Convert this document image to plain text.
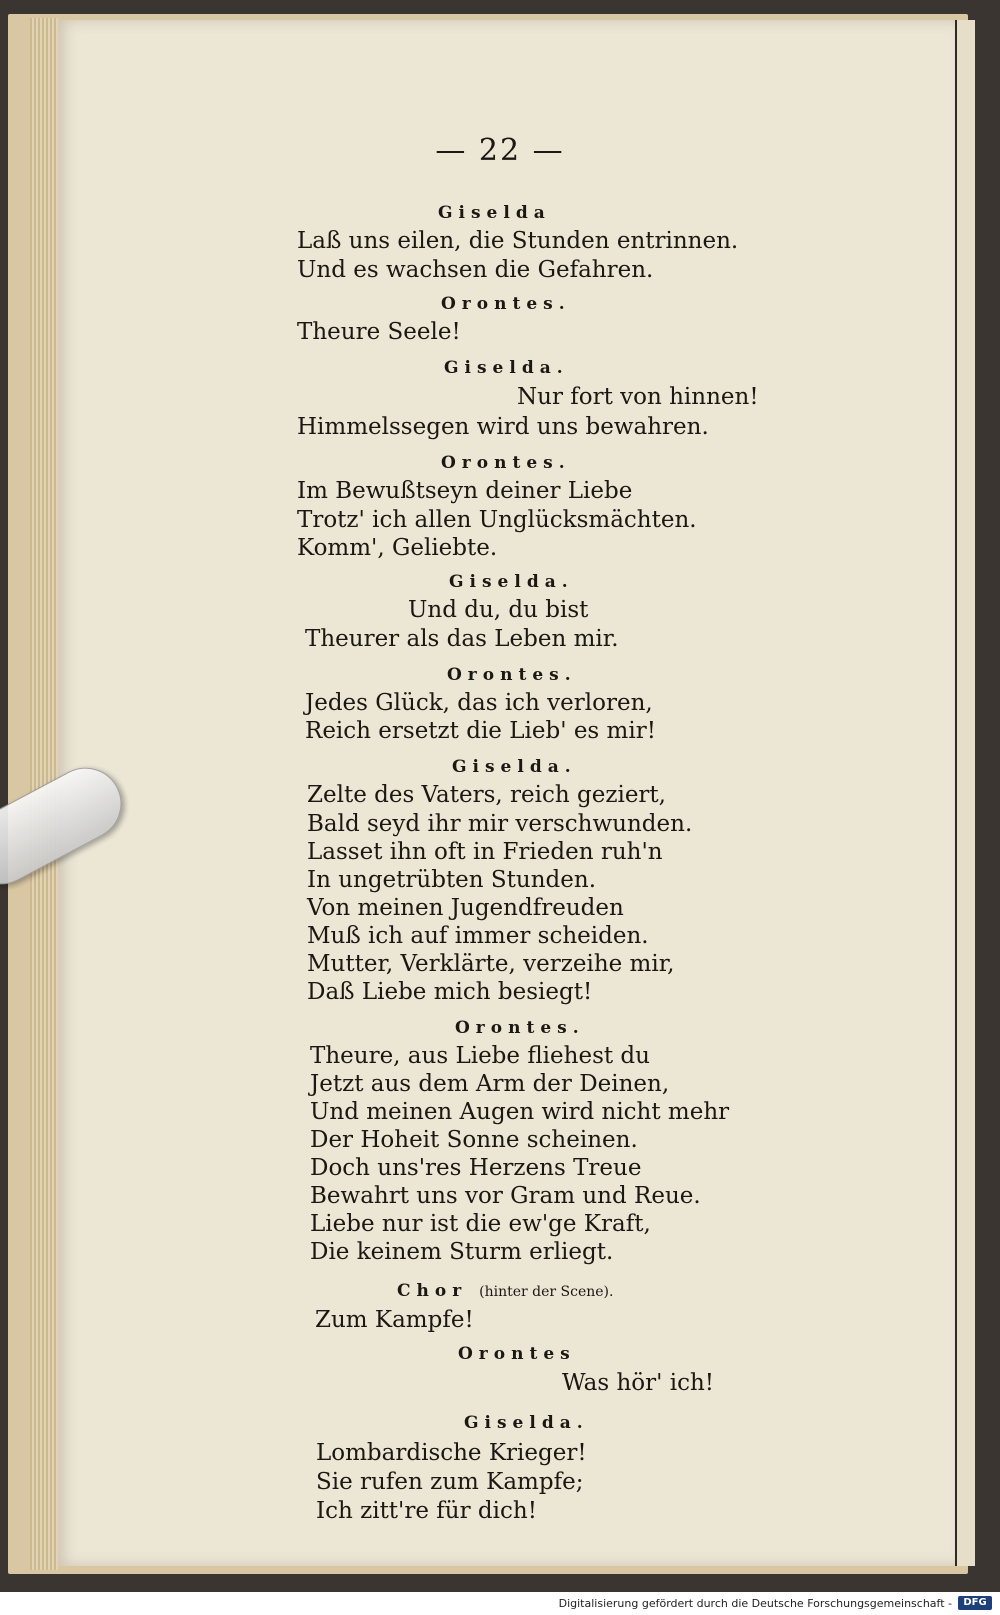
— 22 —
Giselda
Laß uns eilen, die Stunden entrinnen.
Und es wachsen die Gefahren.
Orontes.
Theure Seele!
Giselda.
Nur fort von hinnen!
Himmelssegen wird uns bewahren.
Orontes.
Im Bewußtseyn deiner Liebe
Trotz' ich allen Unglücksmächten.
Komm', Geliebte.
Giselda.
Und du, du bist
Theurer als das Leben mir.
Orontes.
Jedes Glück, das ich verloren,
Reich ersetzt die Lieb' es mir!
Giselda.
Zelte des Vaters, reich geziert,
Bald seyd ihr mir verschwunden.
Lasset ihn oft in Frieden ruh'n
In ungetrübten Stunden.
Von meinen Jugendfreuden
Muß ich auf immer scheiden.
Mutter, Verklärte, verzeihe mir,
Daß Liebe mich besiegt!
Orontes.
Theure, aus Liebe fliehest du
Jetzt aus dem Arm der Deinen,
Und meinen Augen wird nicht mehr
Der Hoheit Sonne scheinen.
Doch uns'res Herzens Treue
Bewahrt uns vor Gram und Reue.
Liebe nur ist die ew'ge Kraft,
Die keinem Sturm erliegt.
Chor (hinter der Scene).
Zum Kampfe!
Orontes
Was hör' ich!
Giselda.
Lombardische Krieger!
Sie rufen zum Kampfe;
Ich zitt're für dich!
Digitalisierung gefördert durch die Deutsche Forschungsgemeinschaft -	DFG
